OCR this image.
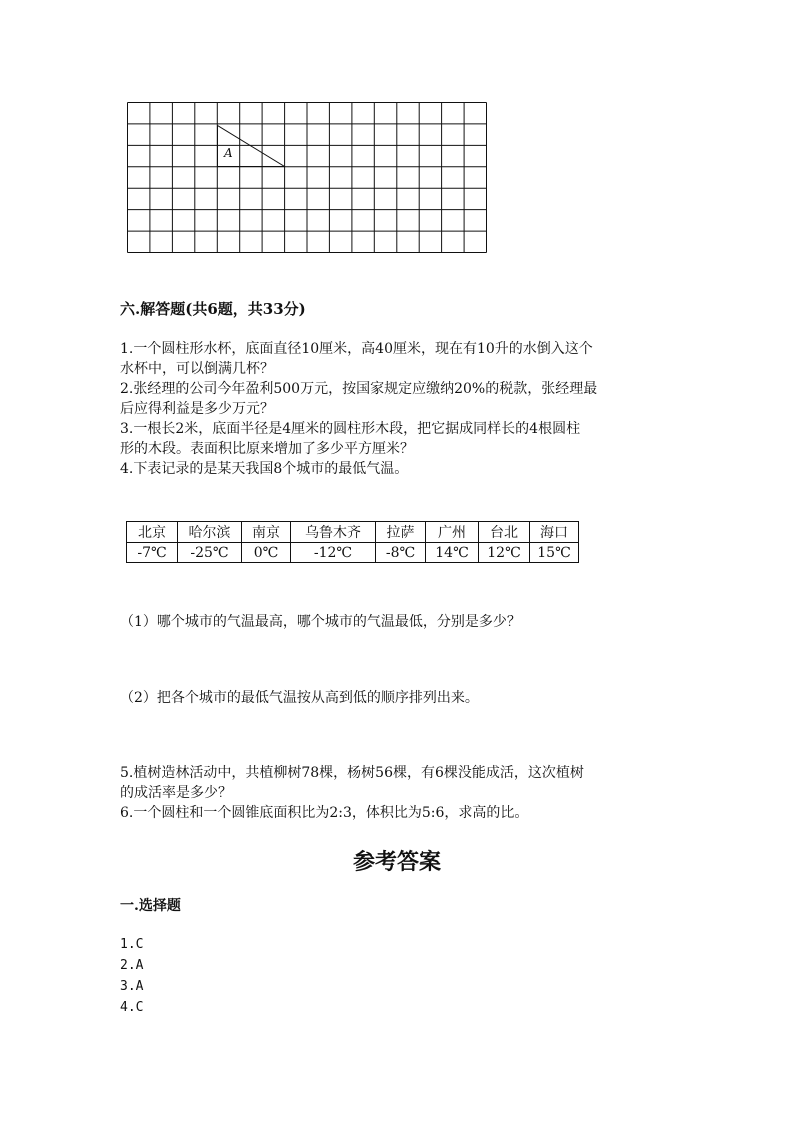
A
六.解答题(共6题，共33分)
1.一个圆柱形水杯，底面直径10厘米，高40厘米，现在有10升的水倒入这个
水杯中，可以倒满几杯？
2.张经理的公司今年盈利500万元，按国家规定应缴纳20%的税款，张经理最
后应得利益是多少万元？
3.一根长2米，底面半径是4厘米的圆柱形木段，把它据成同样长的4根圆柱
形的木段。表面积比原来增加了多少平方厘米？
4.下表记录的是某天我国8个城市的最低气温。
北京	哈尔滨	南京	乌鲁木齐	拉萨	广州	台北	海口
-7℃	-25℃	0℃	-12℃	-8℃	14℃	12℃	15℃
（1）哪个城市的气温最高，哪个城市的气温最低，分别是多少？
（2）把各个城市的最低气温按从高到低的顺序排列出来。
5.植树造林活动中，共植柳树78棵，杨树56棵，有6棵没能成活，这次植树
的成活率是多少？
6.一个圆柱和一个圆锥底面积比为2:3，体积比为5:6，求高的比。
参考答案
一.选择题
1.C
2.A
3.A
4.C
